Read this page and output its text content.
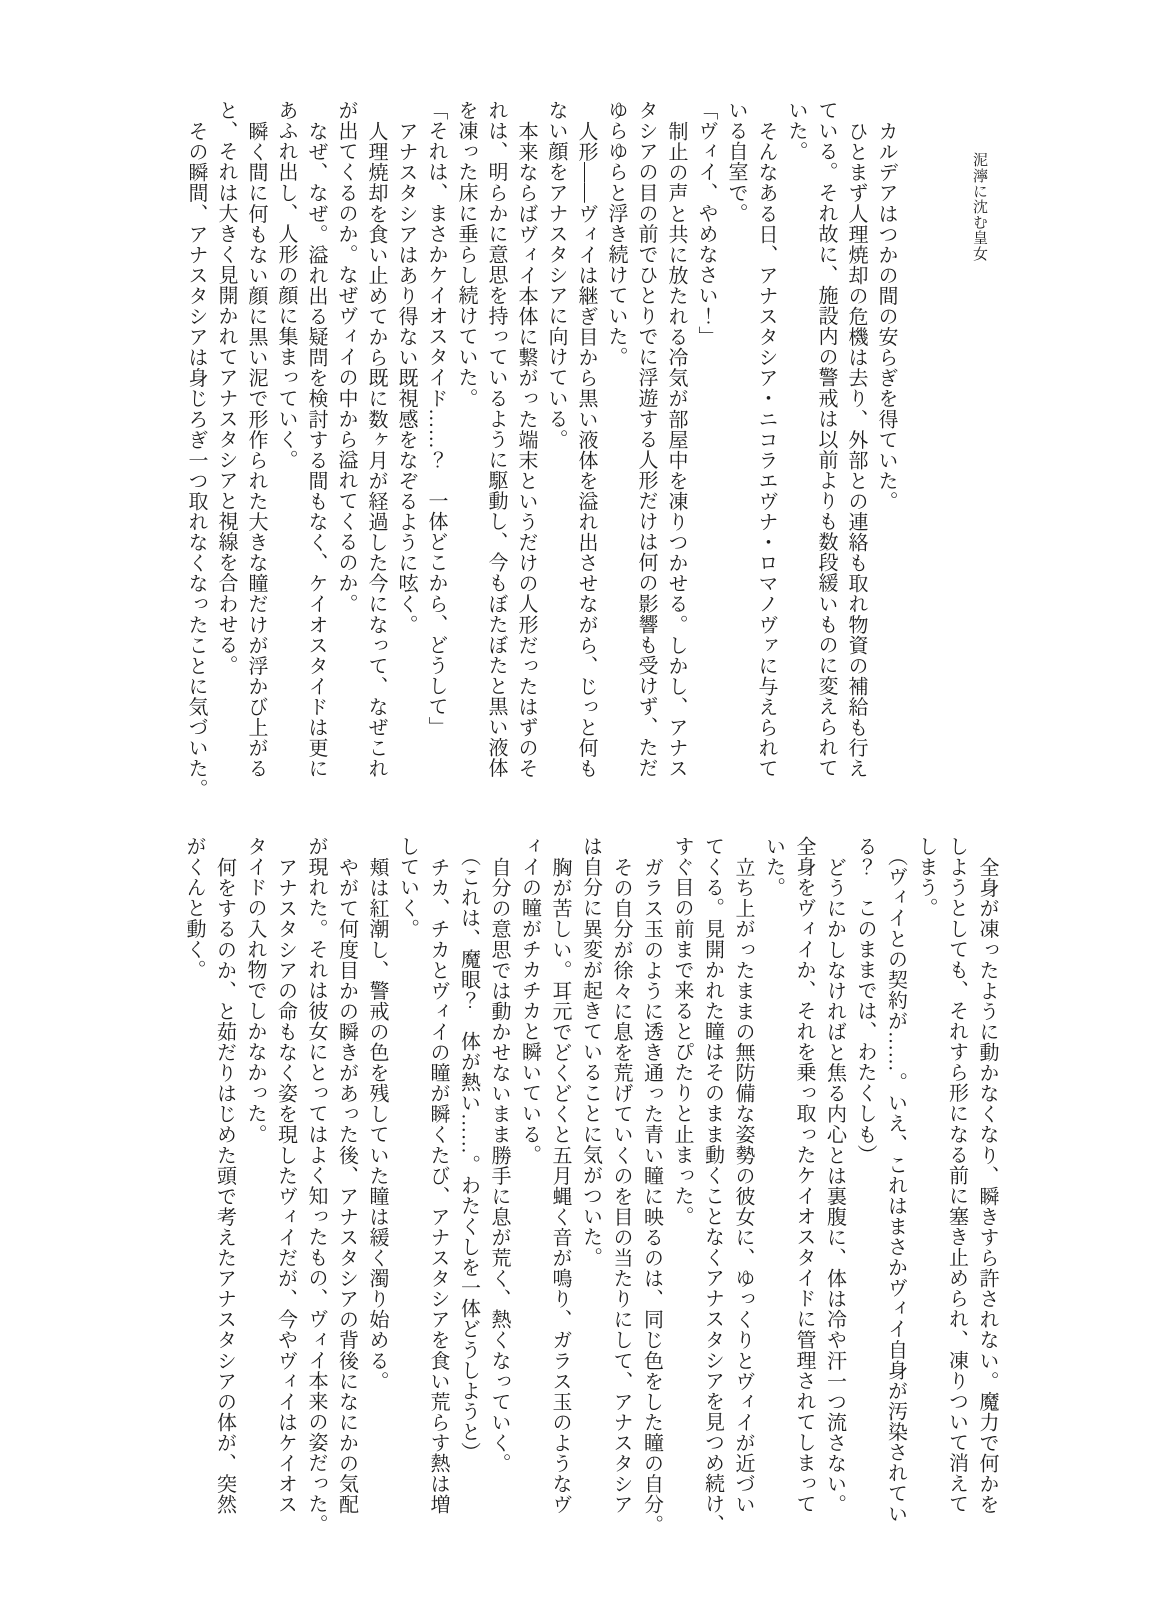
泥濘に沈む皇女

カルデアはつかの間の安らぎを得ていた。

ひとまず人理焼却の危機は去り、外部との連絡も取れ物資の補給も行え

ている。それ故に、施設内の警戒は以前よりも数段緩いものに変えられて

いた。

そんなある日、アナスタシア・ニコラエヴナ・ロマノヴァに与えられて

いる自室で。

「ヴィイ、やめなさい！」

制止の声と共に放たれる冷気が部屋中を凍りつかせる。しかし、アナス

タシアの目の前でひとりでに浮遊する人形だけは何の影響も受けず、ただ

ゆらゆらと浮き続けていた。

人形――ヴィイは継ぎ目から黒い液体を溢れ出させながら、じっと何も

ない顔をアナスタシアに向けている。

本来ならばヴィイ本体に繋がった端末というだけの人形だったはずのそ

れは、明らかに意思を持っているように駆動し、今もぼたぼたと黒い液体

を凍った床に垂らし続けていた。

「それは、まさかケイオスタイド……？　一体どこから、どうして」

アナスタシアはあり得ない既視感をなぞるように呟く。

人理焼却を食い止めてから既に数ヶ月が経過した今になって、なぜこれ

が出てくるのか。なぜヴィイの中から溢れてくるのか。

なぜ、なぜ。溢れ出る疑問を検討する間もなく、ケイオスタイドは更に

あふれ出し、人形の顔に集まっていく。

瞬く間に何もない顔に黒い泥で形作られた大きな瞳だけが浮かび上がる

と、それは大きく見開かれてアナスタシアと視線を合わせる。

その瞬間、アナスタシアは身じろぎ一つ取れなくなったことに気づいた。

全身が凍ったように動かなくなり、瞬きすら許されない。魔力で何かを

しようとしても、それすら形になる前に塞き止められ、凍りついて消えて

しまう。

（ヴィイとの契約が……。いえ、これはまさかヴィイ自身が汚染されてい

る？　このままでは、わたくしも）

どうにかしなければと焦る内心とは裏腹に、体は冷や汗一つ流さない。

全身をヴィイか、それを乗っ取ったケイオスタイドに管理されてしまって

いた。

立ち上がったままの無防備な姿勢の彼女に、ゆっくりとヴィイが近づい

てくる。見開かれた瞳はそのまま動くことなくアナスタシアを見つめ続け、

すぐ目の前まで来るとぴたりと止まった。

ガラス玉のように透き通った青い瞳に映るのは、同じ色をした瞳の自分。

その自分が徐々に息を荒げていくのを目の当たりにして、アナスタシア

は自分に異変が起きていることに気がついた。

胸が苦しい。耳元でどくどくと五月蝿く音が鳴り、ガラス玉のようなヴ

ィイの瞳がチカチカと瞬いている。

自分の意思では動かせないまま勝手に息が荒く、熱くなっていく。

（これは、魔眼？　体が熱い……。わたくしを一体どうしようと）

チカ、チカとヴィイの瞳が瞬くたび、アナスタシアを食い荒らす熱は増

していく。

頬は紅潮し、警戒の色を残していた瞳は緩く濁り始める。

やがて何度目かの瞬きがあった後、アナスタシアの背後になにかの気配

が現れた。それは彼女にとってはよく知ったもの、ヴィイ本来の姿だった。

アナスタシアの命もなく姿を現したヴィイだが、今やヴィイはケイオス

タイドの入れ物でしかなかった。

何をするのか、と茹だりはじめた頭で考えたアナスタシアの体が、突然

がくんと動く。
